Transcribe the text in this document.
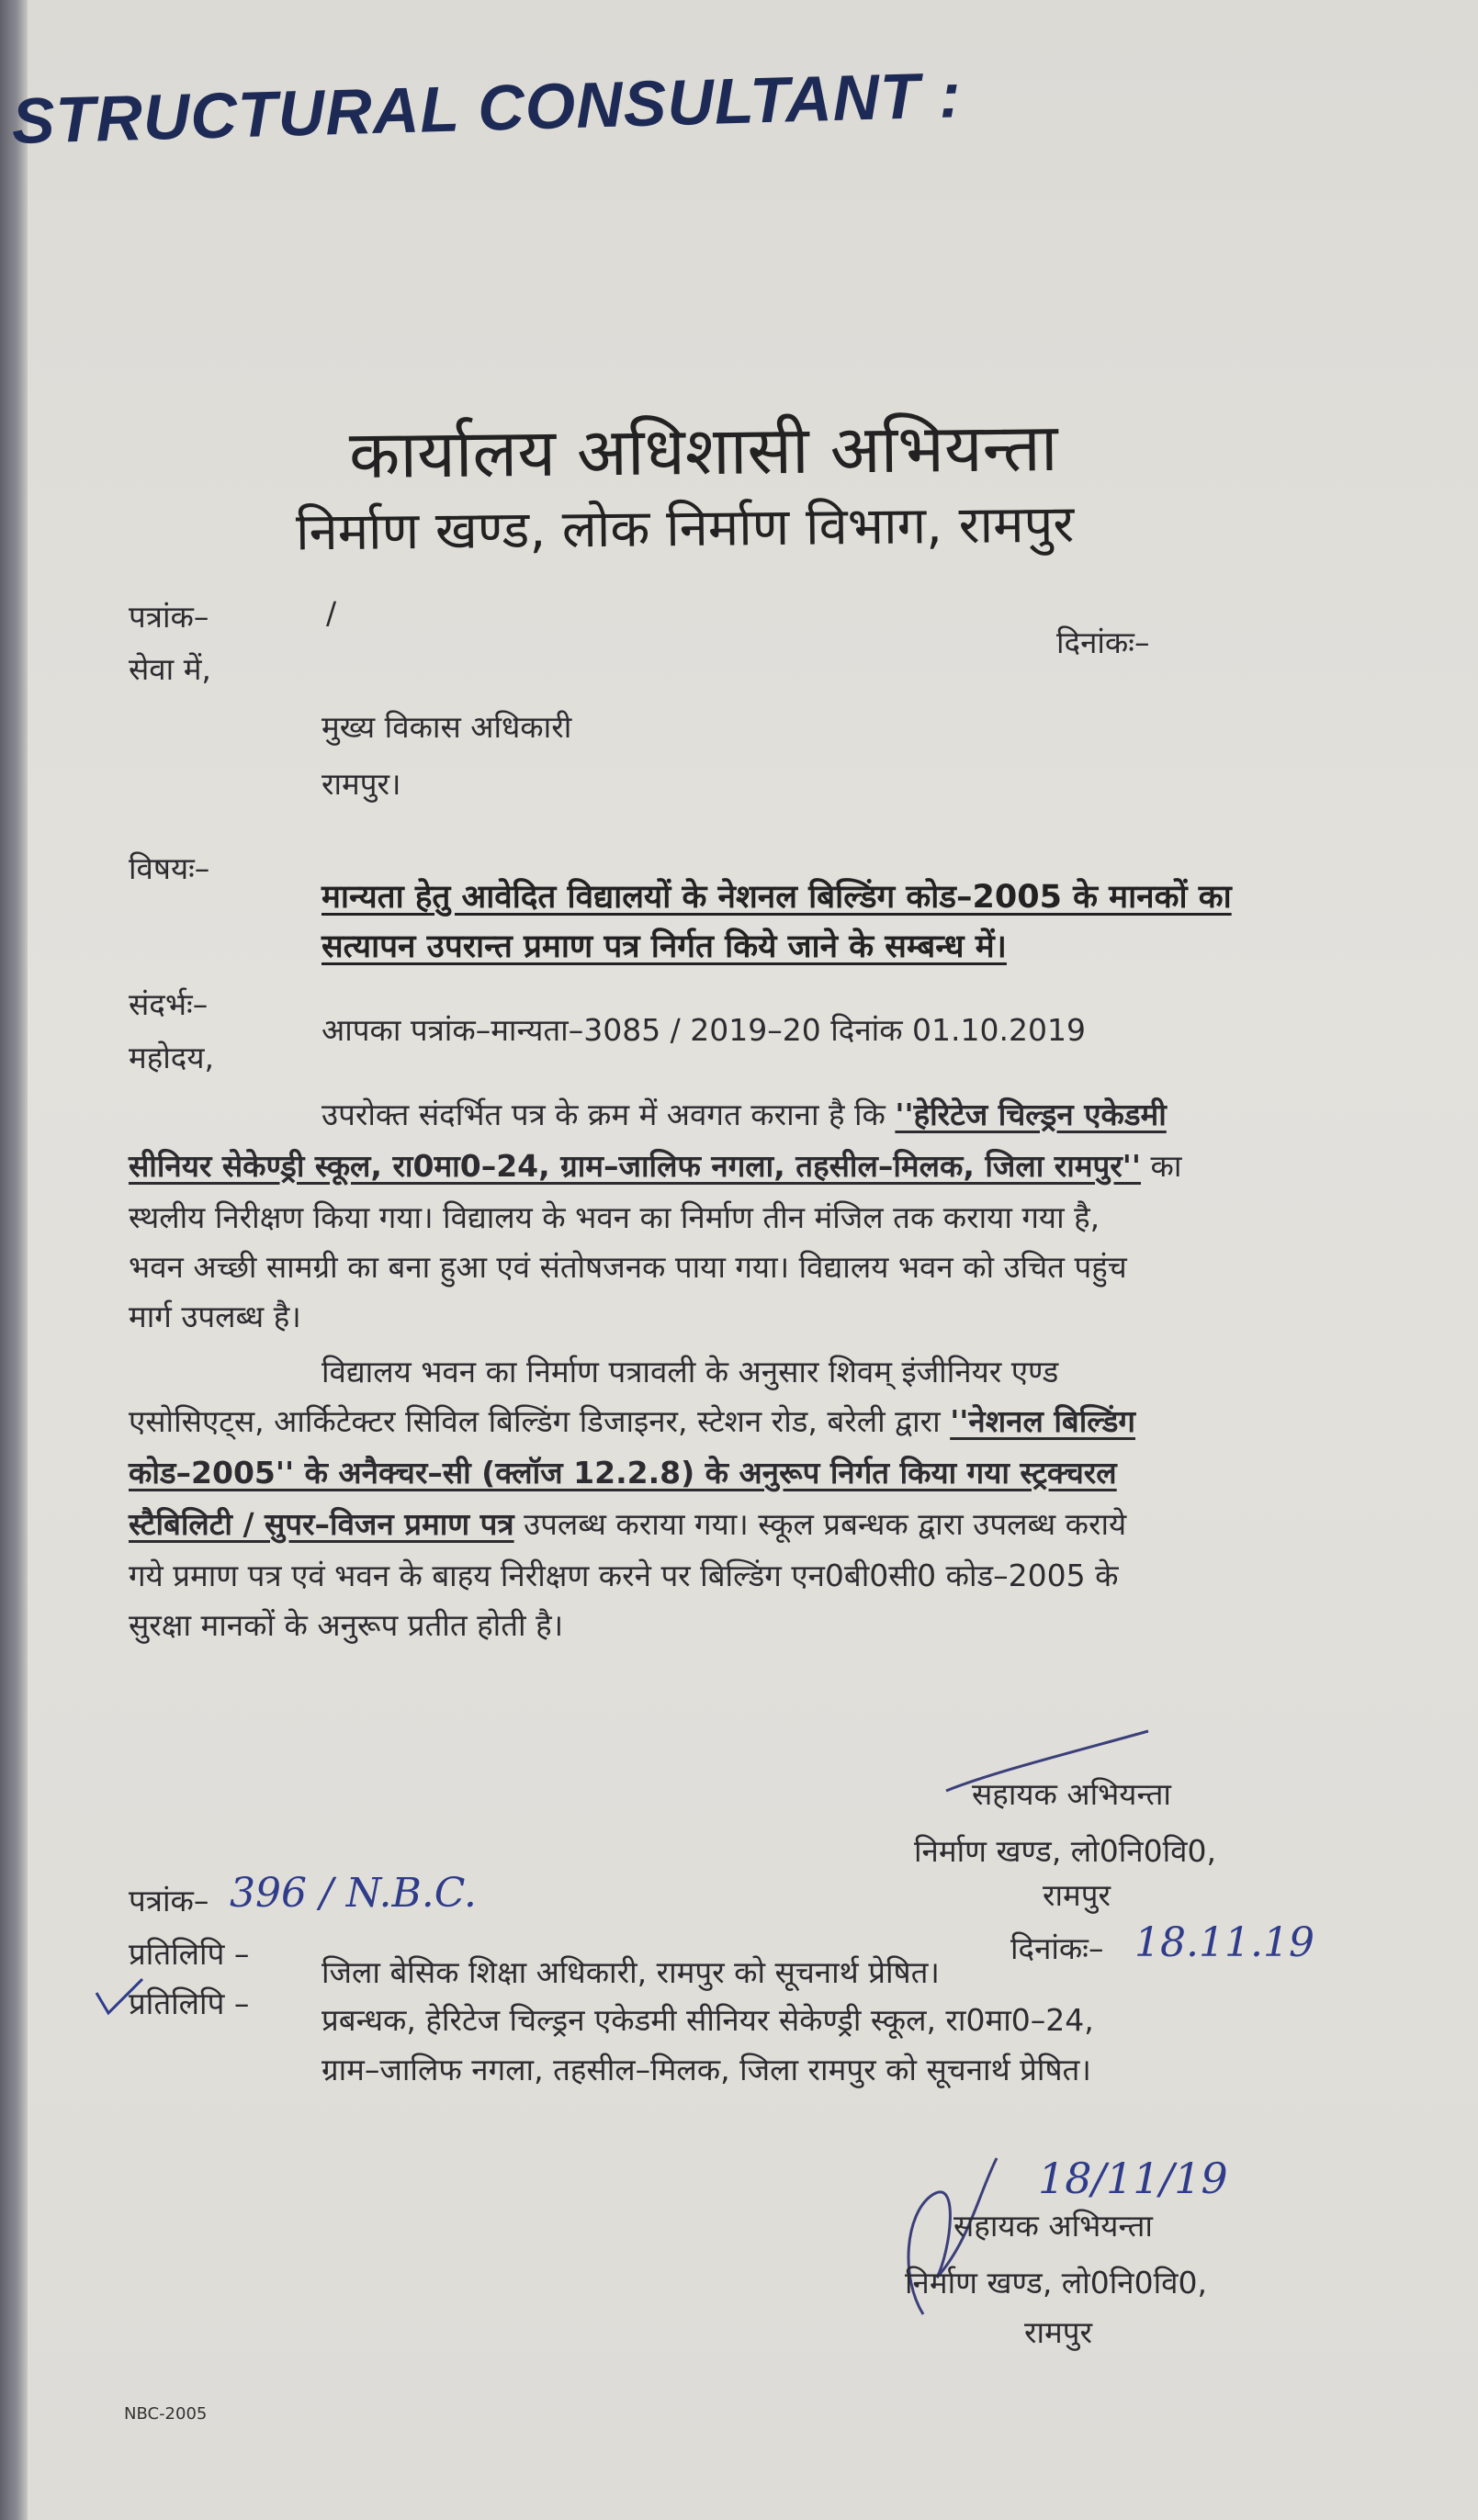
STRUCTURAL CONSULTANT :
कार्यालय अधिशासी अभियन्ता
निर्माण खण्ड, लोक निर्माण विभाग, रामपुर
पत्रांक–	/
दिनांकः–
सेवा में,
मुख्य विकास अधिकारी
रामपुर।
विषयः–
मान्यता हेतु आवेदित विद्यालयों के नेशनल बिल्डिंग कोड–2005 के मानकों का
सत्यापन उपरान्त प्रमाण पत्र निर्गत किये जाने के सम्बन्ध में।
संदर्भः–
आपका पत्रांक–मान्यता–3085 / 2019–20 दिनांक 01.10.2019
महोदय,
उपरोक्त संदर्भित पत्र के क्रम में अवगत कराना है कि ''हेरिटेज चिल्ड्रन एकेडमी
सीनियर सेकेण्ड्री स्कूल, रा0मा0–24, ग्राम–जालिफ नगला, तहसील–मिलक, जिला रामपुर'' का
स्थलीय निरीक्षण किया गया। विद्यालय के भवन का निर्माण तीन मंजिल तक कराया गया है,
भवन अच्छी सामग्री का बना हुआ एवं संतोषजनक पाया गया। विद्यालय भवन को उचित पहुंच
मार्ग उपलब्ध है।
विद्यालय भवन का निर्माण पत्रावली के अनुसार शिवम् इंजीनियर एण्ड
एसोसिएट्स, आर्किटेक्टर सिविल बिल्डिंग डिजाइनर, स्टेशन रोड, बरेली द्वारा ''नेशनल बिल्डिंग
कोड–2005'' के अनैक्चर–सी (क्लॉज 12.2.8) के अनुरूप निर्गत किया गया स्ट्रक्चरल
स्टैबिलिटी / सुपर–विजन प्रमाण पत्र उपलब्ध कराया गया। स्कूल प्रबन्धक द्वारा उपलब्ध कराये
गये प्रमाण पत्र एवं भवन के बाहय निरीक्षण करने पर बिल्डिंग एन0बी0सी0 कोड–2005 के
सुरक्षा मानकों के अनुरूप प्रतीत होती है।
सहायक अभियन्ता
निर्माण खण्ड, लो0नि0वि0,
रामपुर
पत्रांक– 396 / N.B.C.
दिनांकः– 18.11.19
प्रतिलिपि –
जिला बेसिक शिक्षा अधिकारी, रामपुर को सूचनार्थ प्रेषित।
प्रतिलिपि – प्रबन्धक, हेरिटेज चिल्ड्रन एकेडमी सीनियर सेकेण्ड्री स्कूल, रा0मा0–24,
ग्राम–जालिफ नगला, तहसील–मिलक, जिला रामपुर को सूचनार्थ प्रेषित।
18/11/19
सहायक अभियन्ता
निर्माण खण्ड, लो0नि0वि0,
रामपुर
NBC-2005
